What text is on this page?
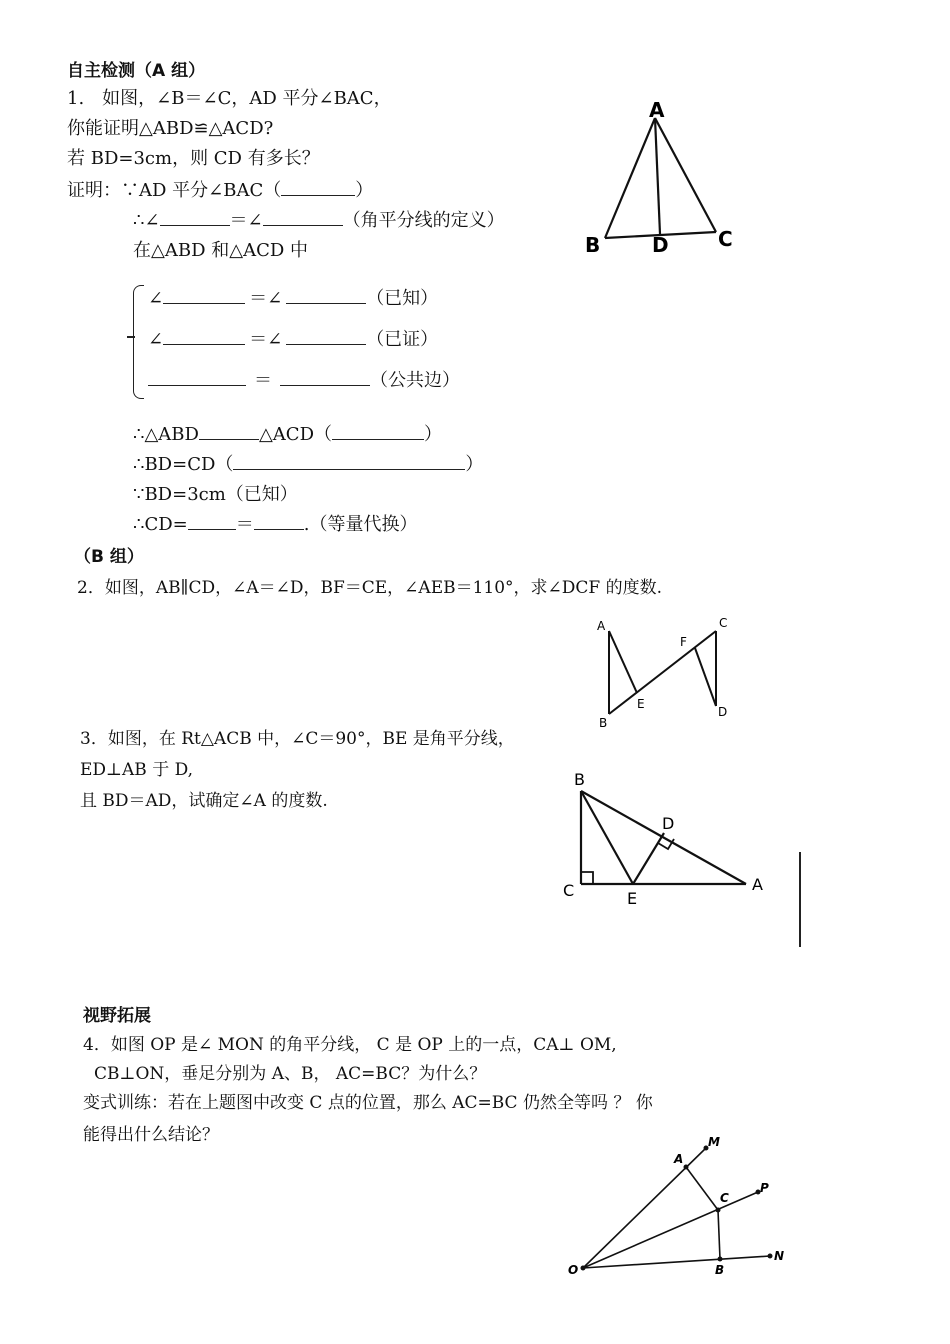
自主检测（A 组）
1.　如图，∠B＝∠C，AD 平分∠BAC，
你能证明△ABD≌△ACD?
若 BD=3cm，则 CD 有多长？
证明：∵AD 平分∠BAC（	）
∴∠	＝∠	（角平分线的定义）
在△ABD 和△ACD 中
∠	＝∠	（已知）
∠	＝∠	（已证）
＝	（公共边）
∴△ABD	△ACD（	）
∴BD=CD（	）
∵BD=3cm（已知）
∴CD=	＝	.（等量代换）
A
B	D C
（B 组）
2．如图，AB∥CD，∠A＝∠D，BF＝CE，∠AEB＝110°，求∠DCF 的度数.
A
B
C
D
E
F
3．如图，在 Rt△ACB 中，∠C＝90°，BE 是角平分线，
ED⊥AB 于 D,
且 BD＝AD，试确定∠A 的度数.
B
C	E
D
A
视野拓展
4．如图 OP 是∠ MON 的角平分线， C 是 OP 上的一点，CA⊥ OM,
CB⊥ON，垂足分别为 A、B， AC=BC？为什么？
变式训练：若在上题图中改变 C 点的位置，那么 AC=BC 仍然全等吗 ？ 你
能得出什么结论？
O
A
M
C
P
B
N
